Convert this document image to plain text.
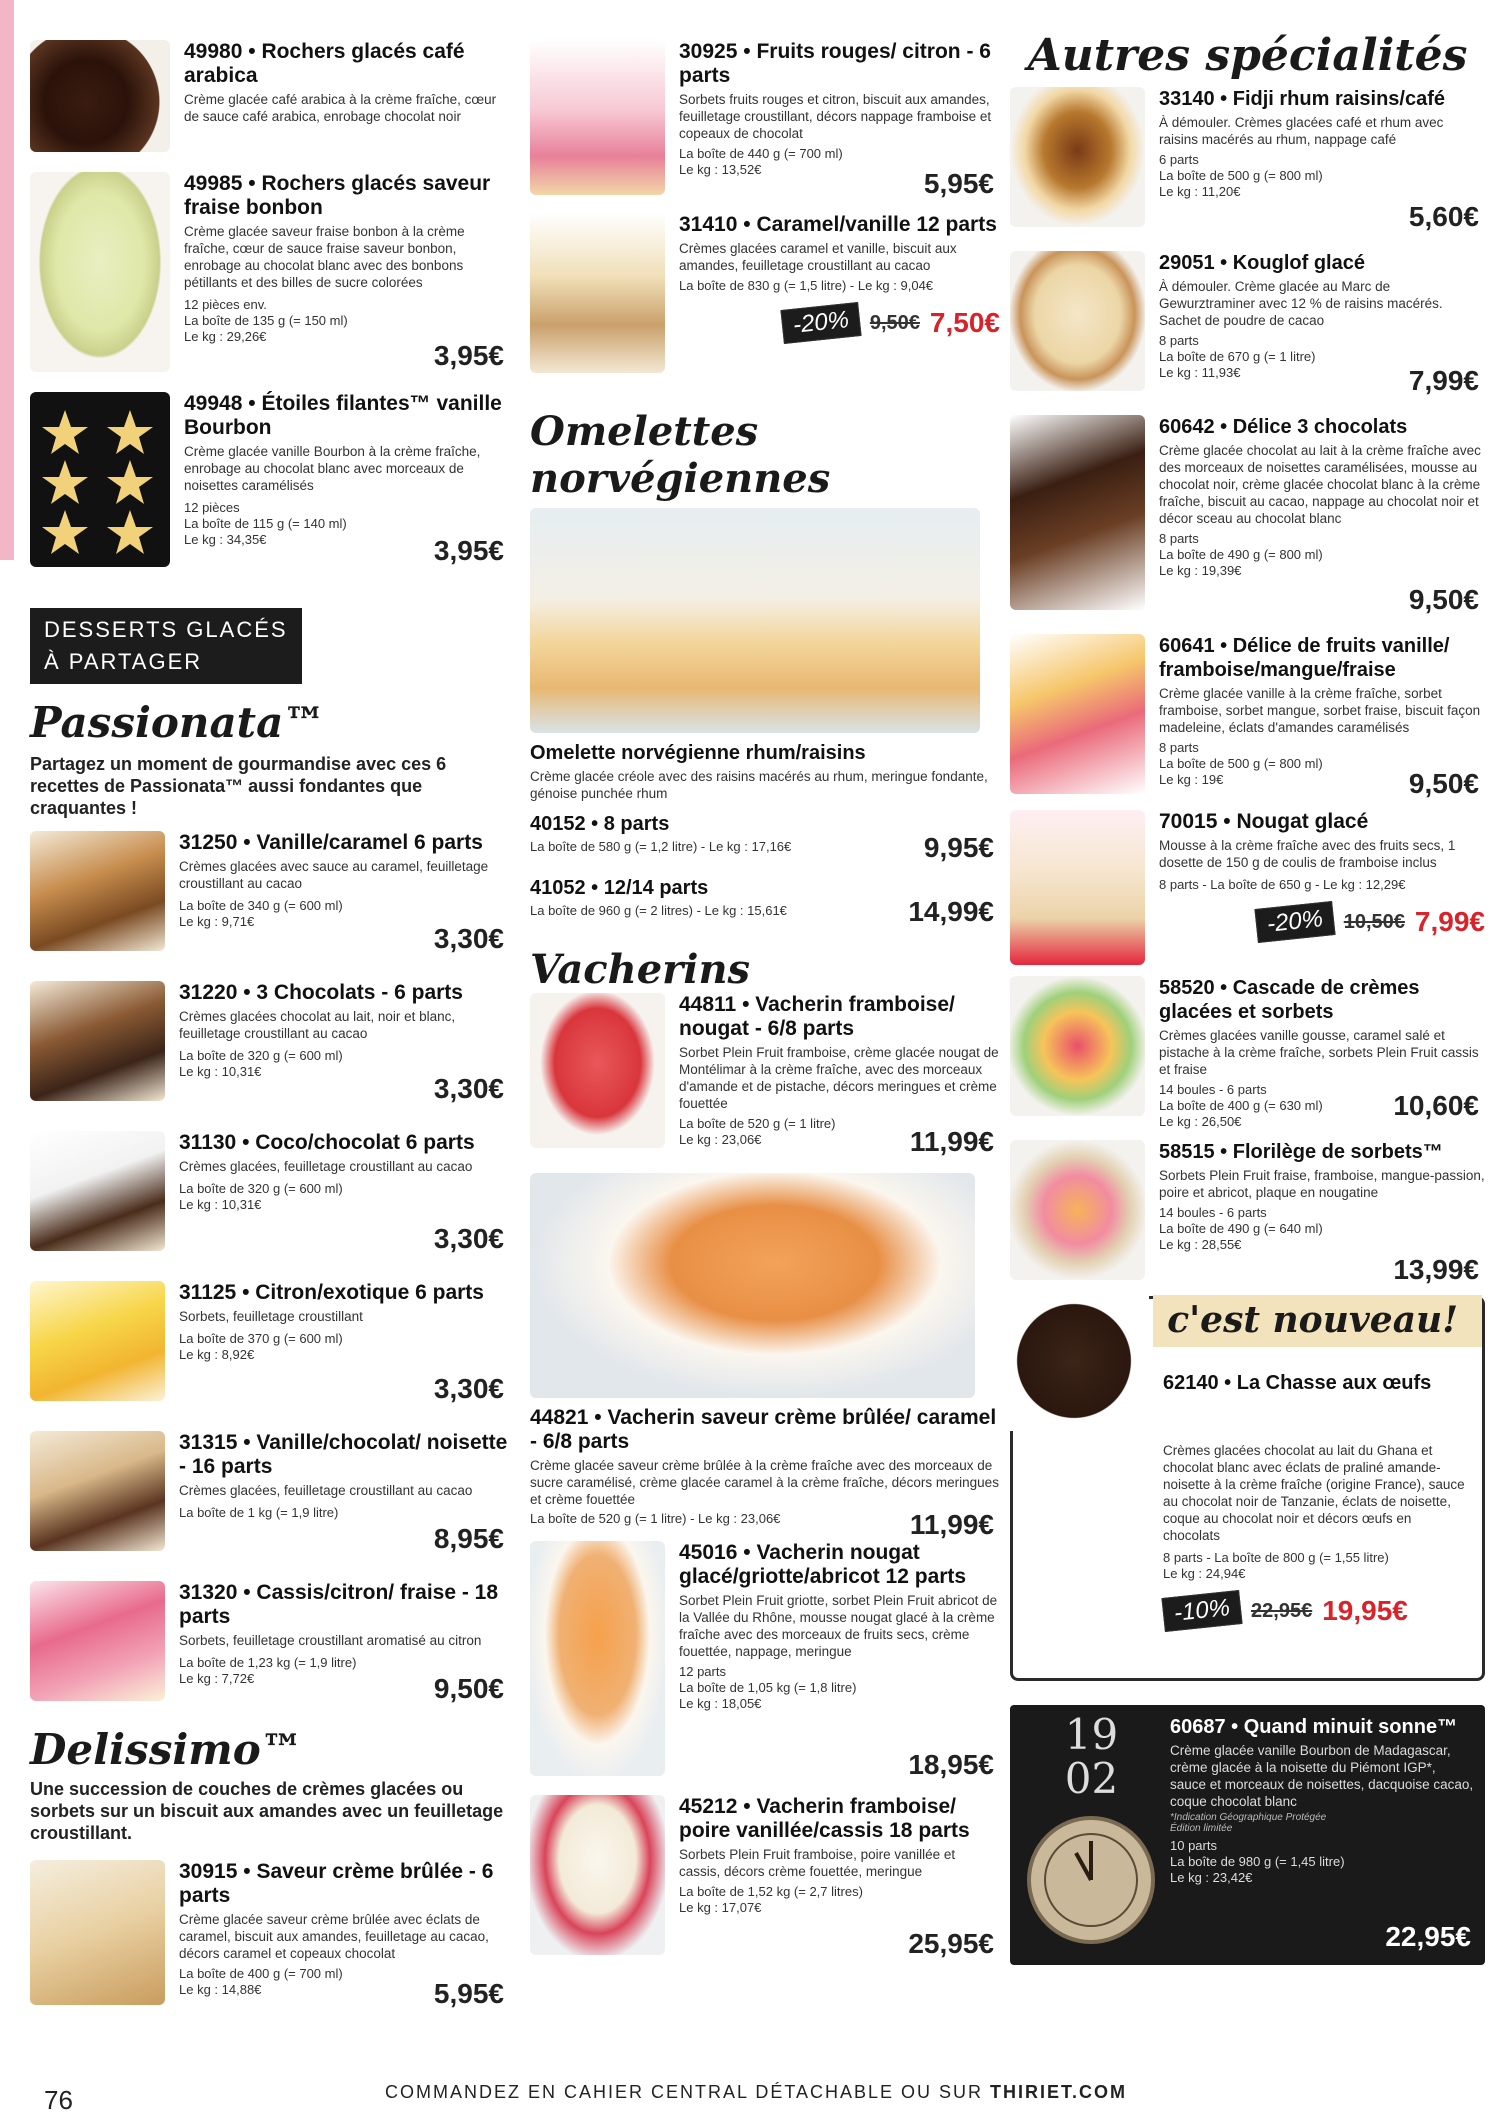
49980 • Rochers glacés café arabica
Crème glacée café arabica à la crème fraîche, cœur de sauce café arabica, enrobage chocolat noir
49985 • Rochers glacés saveur fraise bonbon
Crème glacée saveur fraise bonbon à la crème fraîche, cœur de sauce fraise saveur bonbon, enrobage au chocolat blanc avec des bonbons pétillants et des billes de sucre colorées
12 pièces env.
La boîte de 135 g (= 150 ml)
Le kg : 29,26€
3,95€
49948 • Étoiles filantes™ vanille Bourbon
Crème glacée vanille Bourbon à la crème fraîche, enrobage au chocolat blanc avec morceaux de noisettes caramélisés
12 pièces
La boîte de 115 g (= 140 ml)
Le kg : 34,35€	3,95€
DESSERTS GLACÉS
À PARTAGER
Passionata™
Partagez un moment de gourmandise avec ces 6 recettes de Passionata™ aussi fondantes que craquantes !
31250 • Vanille/caramel 6 parts
Crèmes glacées avec sauce au caramel, feuilletage croustillant au cacao
La boîte de 340 g (= 600 ml)
Le kg : 9,71€
3,30€
31220 • 3 Chocolats - 6 parts
Crèmes glacées chocolat au lait, noir et blanc, feuilletage croustillant au cacao
La boîte de 320 g (= 600 ml)
Le kg : 10,31€
3,30€
31130 • Coco/chocolat 6 parts
Crèmes glacées, feuilletage croustillant au cacao
La boîte de 320 g (= 600 ml)
Le kg : 10,31€
3,30€
31125 • Citron/exotique 6 parts
Sorbets, feuilletage croustillant
La boîte de 370 g (= 600 ml)
Le kg : 8,92€
3,30€
31315 • Vanille/chocolat/ noisette - 16 parts
Crèmes glacées, feuilletage croustillant au cacao
La boîte de 1 kg (= 1,9 litre)
8,95€
31320 • Cassis/citron/ fraise - 18 parts
Sorbets, feuilletage croustillant aromatisé au citron
La boîte de 1,23 kg (= 1,9 litre)
Le kg : 7,72€	9,50€
Delissimo™
Une succession de couches de crèmes glacées ou sorbets sur un biscuit aux amandes avec un feuilletage croustillant.
30915 • Saveur crème brûlée - 6 parts
Crème glacée saveur crème brûlée avec éclats de caramel, biscuit aux amandes, feuilletage au cacao, décors caramel et copeaux chocolat
La boîte de 400 g (= 700 ml)
Le kg : 14,88€	5,95€
30925 • Fruits rouges/ citron - 6 parts
Sorbets fruits rouges et citron, biscuit aux amandes, feuilletage croustillant, décors nappage framboise et copeaux de chocolat
La boîte de 440 g (= 700 ml)
Le kg : 13,52€	5,95€
31410 • Caramel/vanille 12 parts
Crèmes glacées caramel et vanille, biscuit aux amandes, feuilletage croustillant au cacao
La boîte de 830 g (= 1,5 litre) - Le kg : 9,04€
-20% 9,50€ 7,50€
Omelettes norvégiennes
Omelette norvégienne rhum/raisins
Crème glacée créole avec des raisins macérés au rhum, meringue fondante, génoise punchée rhum
40152 • 8 parts
La boîte de 580 g (= 1,2 litre) - Le kg : 17,16€	9,95€
41052 • 12/14 parts
La boîte de 960 g (= 2 litres) - Le kg : 15,61€	14,99€
Vacherins
44811 • Vacherin framboise/ nougat - 6/8 parts
Sorbet Plein Fruit framboise, crème glacée nougat de Montélimar à la crème fraîche, avec des morceaux d'amande et de pistache, décors meringues et crème fouettée
La boîte de 520 g (= 1 litre)
Le kg : 23,06€	11,99€
44821 • Vacherin saveur crème brûlée/ caramel - 6/8 parts
Crème glacée saveur crème brûlée à la crème fraîche avec des morceaux de sucre caramélisé, crème glacée caramel à la crème fraîche, décors meringues et crème fouettée
La boîte de 520 g (= 1 litre) - Le kg : 23,06€	11,99€
45016 • Vacherin nougat glacé/griotte/abricot 12 parts
Sorbet Plein Fruit griotte, sorbet Plein Fruit abricot de la Vallée du Rhône, mousse nougat glacé à la crème fraîche avec des morceaux de fruits secs, crème fouettée, nappage, meringue
12 parts
La boîte de 1,05 kg (= 1,8 litre)
Le kg : 18,05€
18,95€
45212 • Vacherin framboise/ poire vanillée/cassis 18 parts
Sorbets Plein Fruit framboise, poire vanillée et cassis, décors crème fouettée, meringue
La boîte de 1,52 kg (= 2,7 litres)
Le kg : 17,07€
25,95€
Autres spécialités
33140 • Fidji rhum raisins/café
À démouler. Crèmes glacées café et rhum avec raisins macérés au rhum, nappage café
6 parts
La boîte de 500 g (= 800 ml)
Le kg : 11,20€
5,60€
29051 • Kouglof glacé
À démouler. Crème glacée au Marc de Gewurztraminer avec 12 % de raisins macérés. Sachet de poudre de cacao
8 parts
La boîte de 670 g (= 1 litre)
Le kg : 11,93€	7,99€
60642 • Délice 3 chocolats
Crème glacée chocolat au lait à la crème fraîche avec des morceaux de noisettes caramélisées, mousse au chocolat noir, crème glacée chocolat blanc à la crème fraîche, biscuit au cacao, nappage au chocolat noir et décor sceau au chocolat blanc
8 parts
La boîte de 490 g (= 800 ml)
Le kg : 19,39€
9,50€
60641 • Délice de fruits vanille/ framboise/mangue/fraise
Crème glacée vanille à la crème fraîche, sorbet framboise, sorbet mangue, sorbet fraise, biscuit façon madeleine, éclats d'amandes caramélisés
8 parts
La boîte de 500 g (= 800 ml)
Le kg : 19€	9,50€
70015 • Nougat glacé
Mousse à la crème fraîche avec des fruits secs, 1 dosette de 150 g de coulis de framboise inclus
8 parts - La boîte de 650 g - Le kg : 12,29€
-20% 10,50€ 7,99€
58520 • Cascade de crèmes glacées et sorbets
Crèmes glacées vanille gousse, caramel salé et pistache à la crème fraîche, sorbets Plein Fruit cassis et fraise
14 boules - 6 parts
La boîte de 400 g (= 630 ml)
Le kg : 26,50€
10,60€
58515 • Florilège de sorbets™
Sorbets Plein Fruit fraise, framboise, mangue-passion, poire et abricot, plaque en nougatine
14 boules - 6 parts
La boîte de 490 g (= 640 ml)
Le kg : 28,55€
13,99€
c'est nouveau!
62140 • La Chasse aux œufs
Crèmes glacées chocolat au lait du Ghana et chocolat blanc avec éclats de praliné amande-noisette à la crème fraîche (origine France), sauce au chocolat noir de Tanzanie, éclats de noisette, coque au chocolat noir et décors œufs en chocolats
8 parts - La boîte de 800 g (= 1,55 litre)
Le kg : 24,94€
-10% 22,95€ 19,95€
19
02
60687 • Quand minuit sonne™
Crème glacée vanille Bourbon de Madagascar, crème glacée à la noisette du Piémont IGP*, sauce et morceaux de noisettes, dacquoise cacao, coque chocolat blanc
*Indication Géographique Protégée
Édition limitée
10 parts
La boîte de 980 g (= 1,45 litre)
Le kg : 23,42€
22,95€
COMMANDEZ EN CAHIER CENTRAL DÉTACHABLE OU SUR THIRIET.COM
76
